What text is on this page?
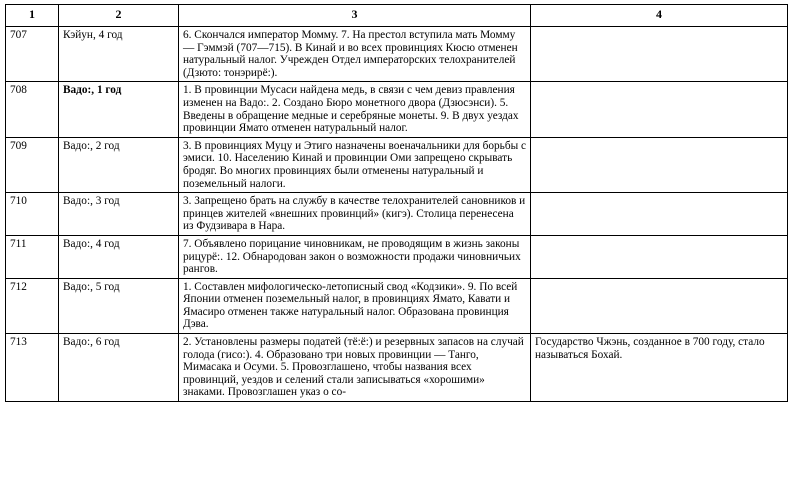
1	2	3	4
707	Кэйун, 4 год	6. Скончался император Момму. 7. На престол вступила мать Момму — Гэммэй (707—715). В Кинай и во всех провинциях Кюсю отменен натуральный налог. Учрежден Отдел императорских телохранителей (Дзюто: тонэрирё:).	
708	Вадо:, 1 год	1. В провинции Мусаси найдена медь, в связи с чем девиз правления изменен на Вадо:. 2. Создано Бюро монетного двора (Дзюсэнси). 5. Введены в обращение медные и серебряные монеты. 9. В двух уездах провинции Ямато отменен натуральный налог.	
709	Вадо:, 2 год	3. В провинциях Муцу и Этиго назначены военачальники для борьбы с эмиси. 10. Населению Кинай и провинции Оми запрещено скрывать бродяг. Во многих провинциях были отменены натуральный и поземельный налоги.	
710	Вадо:, 3 год	3. Запрещено брать на службу в качестве телохранителей сановников и принцев жителей «внешних провинций» (кигэ). Столица перенесена из Фудзивара в Нара.	
711	Вадо:, 4 год	7. Объявлено порицание чиновникам, не проводящим в жизнь законы рицурё:. 12. Обнародован закон о возможности продажи чиновничьих рангов.	
712	Вадо:, 5 год	1. Составлен мифологическо-летописный свод «Кодзики». 9. По всей Японии отменен поземельный налог, в провинциях Ямато, Кавати и Ямасиро отменен также натуральный налог. Образована провинция Дэва.	
713	Вадо:, 6 год	2. Установлены размеры податей (тё:ё:) и резервных запасов на случай голода (гисо:). 4. Образовано три новых провинции — Танго, Мимасака и Осуми. 5. Провозглашено, чтобы названия всех провинций, уездов и селений стали записываться «хорошими» знаками. Провозглашен указ о со-	Государство Чжэнь, созданное в 700 году, стало называться Бохай.
